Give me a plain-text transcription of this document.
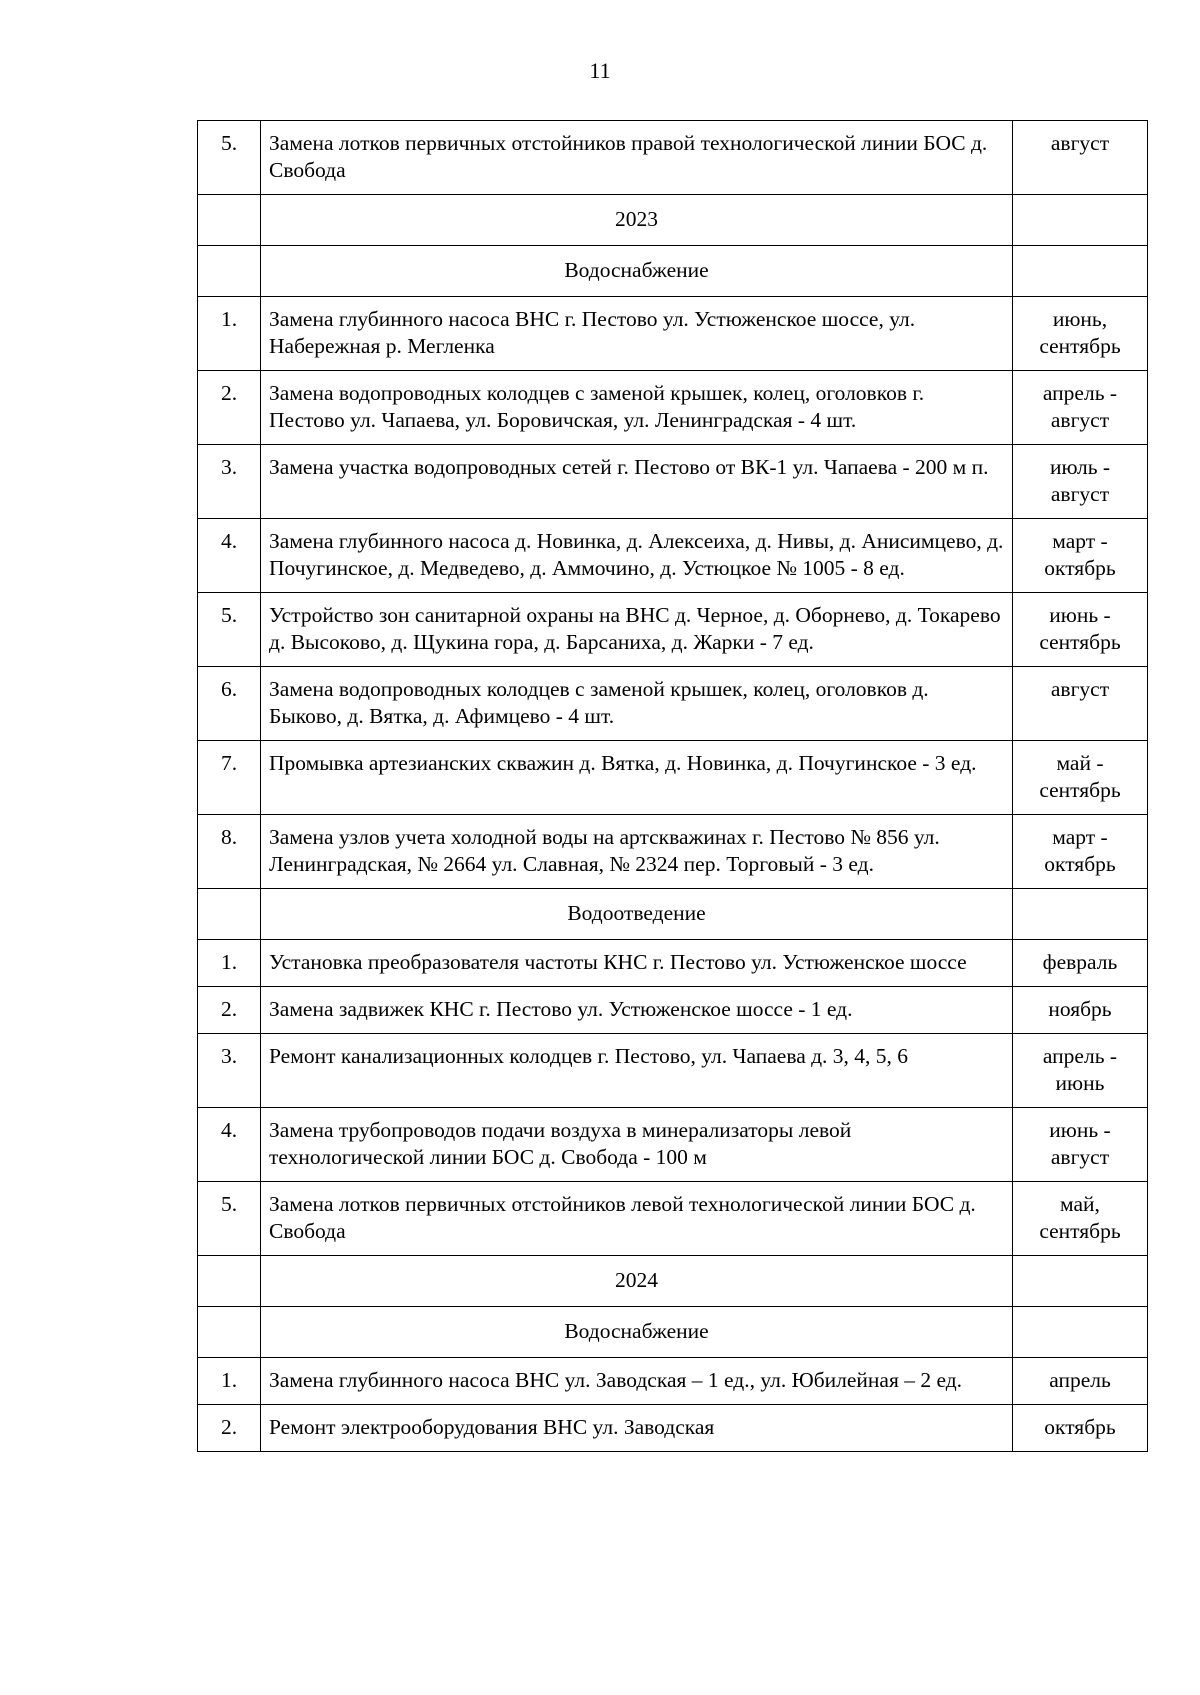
11
5.	Замена лотков первичных отстойников правой технологической линии БОС д. Свобода	август
	2023	
	Водоснабжение	
1.	Замена глубинного насоса ВНС г. Пестово ул. Устюженское шоссе, ул. Набережная р. Мегленка	июнь, сентябрь
2.	Замена водопроводных колодцев с заменой крышек, колец, оголовков г. Пестово ул. Чапаева, ул. Боровичская, ул. Ленинградская - 4 шт.	апрель - август
3.	Замена участка водопроводных сетей г. Пестово от ВК-1 ул. Чапаева - 200 м п.	июль - август
4.	Замена глубинного насоса д. Новинка, д. Алексеиха, д. Нивы, д. Анисимцево, д. Почугинское, д. Медведево, д. Аммочино, д. Устюцкое № 1005 - 8 ед.	март - октябрь
5.	Устройство зон санитарной охраны на ВНС д. Черное, д. Оборнево, д. Токарево д. Высоково, д. Щукина гора, д. Барсаниха, д. Жарки - 7 ед.	июнь - сентябрь
6.	Замена водопроводных колодцев с заменой крышек, колец, оголовков д. Быково, д. Вятка, д. Афимцево - 4 шт.	август
7.	Промывка артезианских скважин д. Вятка, д. Новинка, д. Почугинское - 3 ед.	май - сентябрь
8.	Замена узлов учета холодной воды на артскважинах г. Пестово № 856 ул. Ленинградская, № 2664 ул. Славная, № 2324 пер. Торговый - 3 ед.	март - октябрь
	Водоотведение	
1.	Установка преобразователя частоты КНС г. Пестово ул. Устюженское шоссе	февраль
2.	Замена задвижек КНС г. Пестово ул. Устюженское шоссе - 1 ед.	ноябрь
3.	Ремонт канализационных колодцев г. Пестово, ул. Чапаева д. 3, 4, 5, 6	апрель - июнь
4.	Замена трубопроводов подачи воздуха в минерализаторы левой технологической линии БОС д. Свобода - 100 м	июнь - август
5.	Замена лотков первичных отстойников левой технологической линии БОС д. Свобода	май, сентябрь
	2024	
	Водоснабжение	
1.	Замена глубинного насоса ВНС ул. Заводская – 1 ед., ул. Юбилейная – 2 ед.	апрель
2.	Ремонт электрооборудования ВНС ул. Заводская	октябрь
